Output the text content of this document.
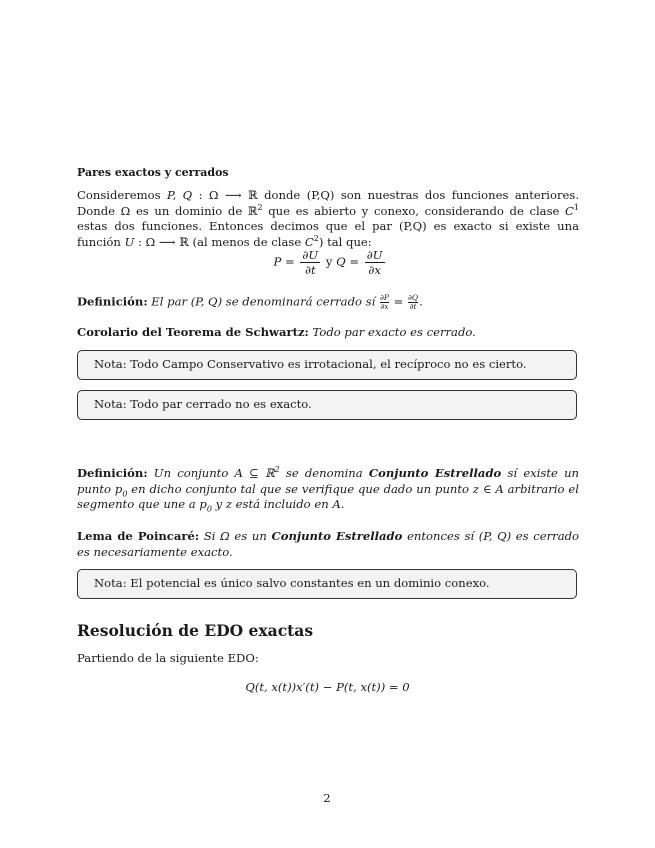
Pares exactos y cerrados
Consideremos P, Q : Ω ⟶ ℝ donde (P,Q) son nuestras dos funciones anteriores. Donde Ω es un dominio de ℝ$^2$ que es abierto y conexo, considerando de clase $C^1$ estas dos funciones. Entonces decimos que el par (P,Q) es exacto si existe una función U : Ω ⟶ ℝ (al menos de clase $C^2$) tal que:
$P = \frac{\partial U}{\partial t}$ y $Q = \frac{\partial U}{\partial x}$
Definición: El par (P, Q) se denominará cerrado sí $\frac{\partial P}{\partial x} = \frac{\partial Q}{\partial t}$ .
Corolario del Teorema de Schwartz: Todo par exacto es cerrado.
Nota: Todo Campo Conservativo es irrotacional, el recíproco no es cierto.
Nota: Todo par cerrado no es exacto.
Definición: Un conjunto A ⊆ ℝ$^2$ se denomina Conjunto Estrellado sí existe un punto $p_0$ en dicho conjunto tal que se verifique que dado un punto z ∈ A arbitrario el segmento que une a $p_0$ y z está incluido en A.
Lema de Poincaré: Si Ω es un Conjunto Estrellado entonces sí (P, Q) es cerrado es necesariamente exacto.
Nota: El potencial es único salvo constantes en un dominio conexo.
Resolución de EDO exactas
Partiendo de la siguiente EDO:
Q(t, x(t))x′(t) − P(t, x(t)) = 0
2
